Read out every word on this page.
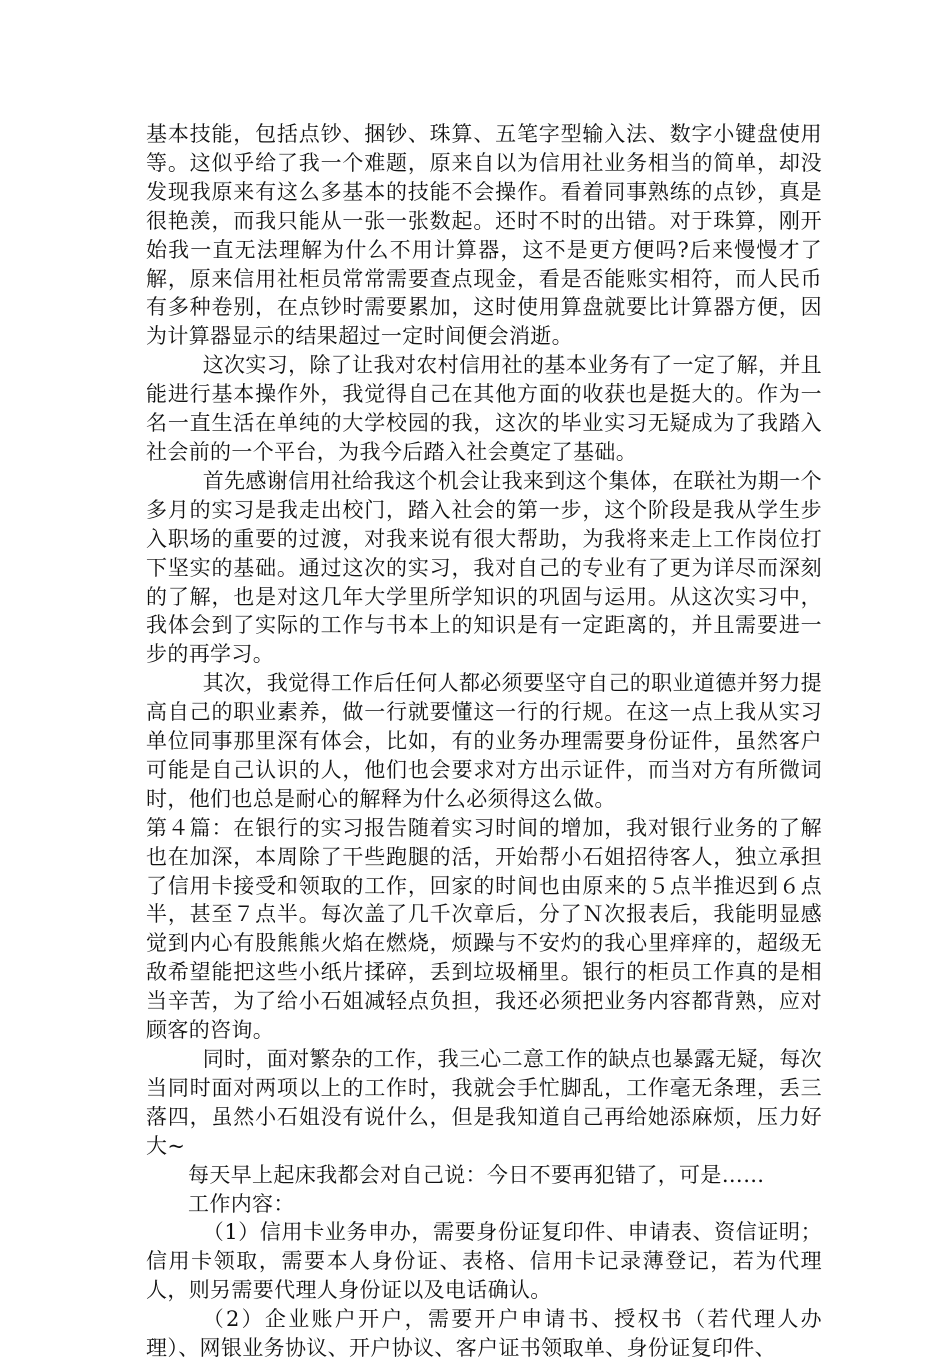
基本技能，包括点钞、捆钞、珠算、五笔字型输入法、数字小键盘使用等。这似乎给了我一个难题，原来自以为信用社业务相当的简单，却没发现我原来有这么多基本的技能不会操作。看着同事熟练的点钞，真是很艳羡，而我只能从一张一张数起。还时不时的出错。对于珠算，刚开始我一直无法理解为什么不用计算器，这不是更方便吗?后来慢慢才了解，原来信用社柜员常常需要查点现金，看是否能账实相符，而人民币有多种卷别，在点钞时需要累加，这时使用算盘就要比计算器方便，因为计算器显示的结果超过一定时间便会消逝。

这次实习，除了让我对农村信用社的基本业务有了一定了解，并且能进行基本操作外，我觉得自己在其他方面的收获也是挺大的。作为一名一直生活在单纯的大学校园的我，这次的毕业实习无疑成为了我踏入社会前的一个平台，为我今后踏入社会奠定了基础。

首先感谢信用社给我这个机会让我来到这个集体，在联社为期一个多月的实习是我走出校门，踏入社会的第一步，这个阶段是我从学生步入职场的重要的过渡，对我来说有很大帮助，为我将来走上工作岗位打下坚实的基础。通过这次的实习，我对自己的专业有了更为详尽而深刻的了解，也是对这几年大学里所学知识的巩固与运用。从这次实习中，我体会到了实际的工作与书本上的知识是有一定距离的，并且需要进一步的再学习。

其次，我觉得工作后任何人都必须要坚守自己的职业道德并努力提高自己的职业素养，做一行就要懂这一行的行规。在这一点上我从实习单位同事那里深有体会，比如，有的业务办理需要身份证件，虽然客户可能是自己认识的人，他们也会要求对方出示证件，而当对方有所微词时，他们也总是耐心的解释为什么必须得这么做。

第４篇：在银行的实习报告随着实习时间的增加，我对银行业务的了解也在加深，本周除了干些跑腿的活，开始帮小石姐招待客人，独立承担了信用卡接受和领取的工作，回家的时间也由原来的５点半推迟到６点半，甚至７点半。每次盖了几千次章后，分了Ｎ次报表后，我能明显感觉到内心有股熊熊火焰在燃烧，烦躁与不安灼的我心里痒痒的，超级无敌希望能把这些小纸片揉碎，丢到垃圾桶里。银行的柜员工作真的是相当辛苦，为了给小石姐减轻点负担，我还必须把业务内容都背熟，应对顾客的咨询。

同时，面对繁杂的工作，我三心二意工作的缺点也暴露无疑，每次当同时面对两项以上的工作时，我就会手忙脚乱，工作毫无条理，丢三落四，虽然小石姐没有说什么，但是我知道自己再给她添麻烦，压力好大~

每天早上起床我都会对自己说：今日不要再犯错了，可是……

工作内容：

（1）信用卡业务申办，需要身份证复印件、申请表、资信证明；信用卡领取，需要本人身份证、表格、信用卡记录薄登记，若为代理人，则另需要代理人身份证以及电话确认。

（2）企业账户开户，需要开户申请书、授权书（若代理人办理）、网银业务协议、开户协议、客户证书领取单、身份证复印件、
